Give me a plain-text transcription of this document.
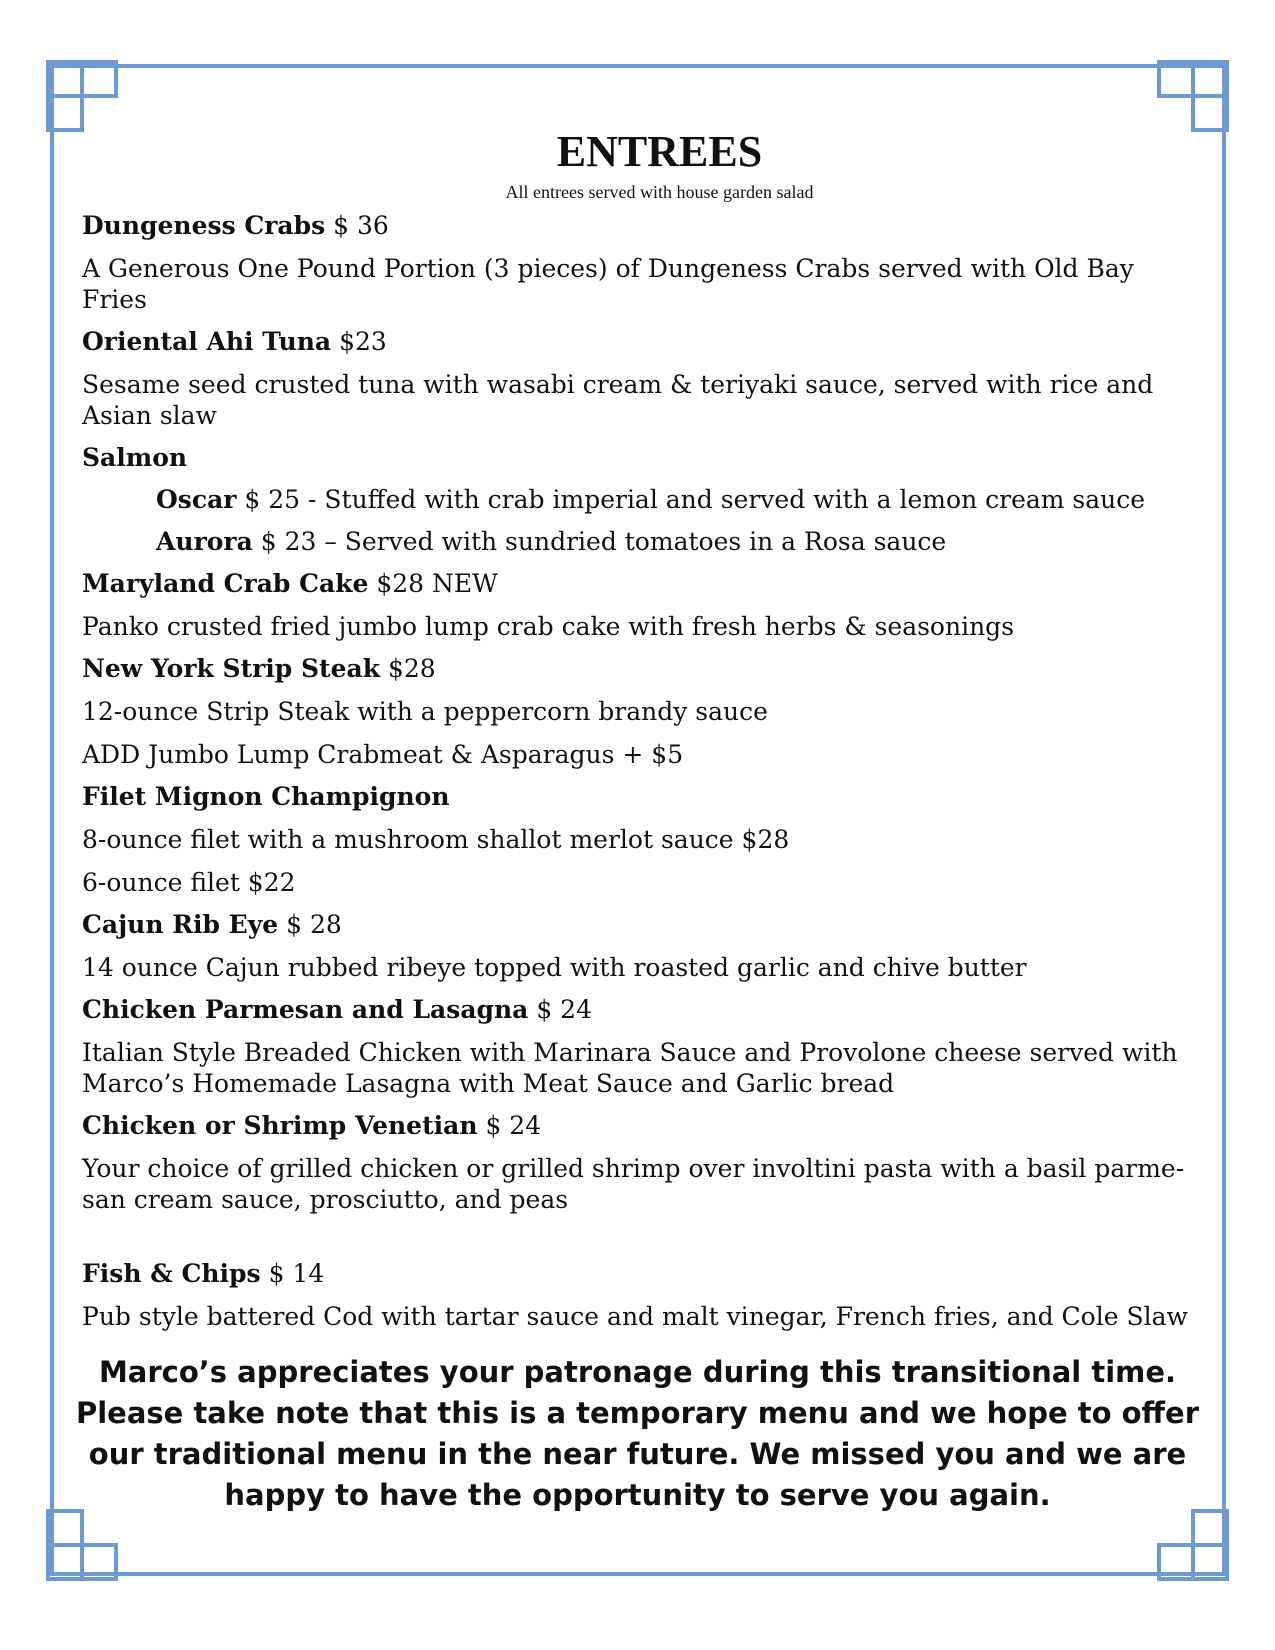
ENTREES

All entrees served with house garden salad

Dungeness Crabs $ 36

A Generous One Pound Portion (3 pieces) of Dungeness Crabs served with Old Bay Fries

Oriental Ahi Tuna $23

Sesame seed crusted tuna with wasabi cream & teriyaki sauce, served with rice and

Asian slaw

Salmon

Oscar $ 25 - Stuffed with crab imperial and served with a lemon cream sauce

Aurora $ 23 – Served with sundried tomatoes in a Rosa sauce

Maryland Crab Cake $28 NEW

Panko crusted fried jumbo lump crab cake with fresh herbs & seasonings

New York Strip Steak $28

12-ounce Strip Steak with a peppercorn brandy sauce

ADD Jumbo Lump Crabmeat & Asparagus + $5

Filet Mignon Champignon

8-ounce filet with a mushroom shallot merlot sauce $28

6-ounce filet $22

Cajun Rib Eye $ 28

14 ounce Cajun rubbed ribeye topped with roasted garlic and chive butter

Chicken Parmesan and Lasagna $ 24

Italian Style Breaded Chicken with Marinara Sauce and Provolone cheese served with

Marco’s Homemade Lasagna with Meat Sauce and Garlic bread

Chicken or Shrimp Venetian $ 24

Your choice of grilled chicken or grilled shrimp over involtini pasta with a basil parme-

san cream sauce, prosciutto, and peas

Fish & Chips $ 14

Pub style battered Cod with tartar sauce and malt vinegar, French fries, and Cole Slaw

Marco’s appreciates your patronage during this transitional time.
Please take note that this is a temporary menu and we hope to offer
our traditional menu in the near future. We missed you and we are
happy to have the opportunity to serve you again.
